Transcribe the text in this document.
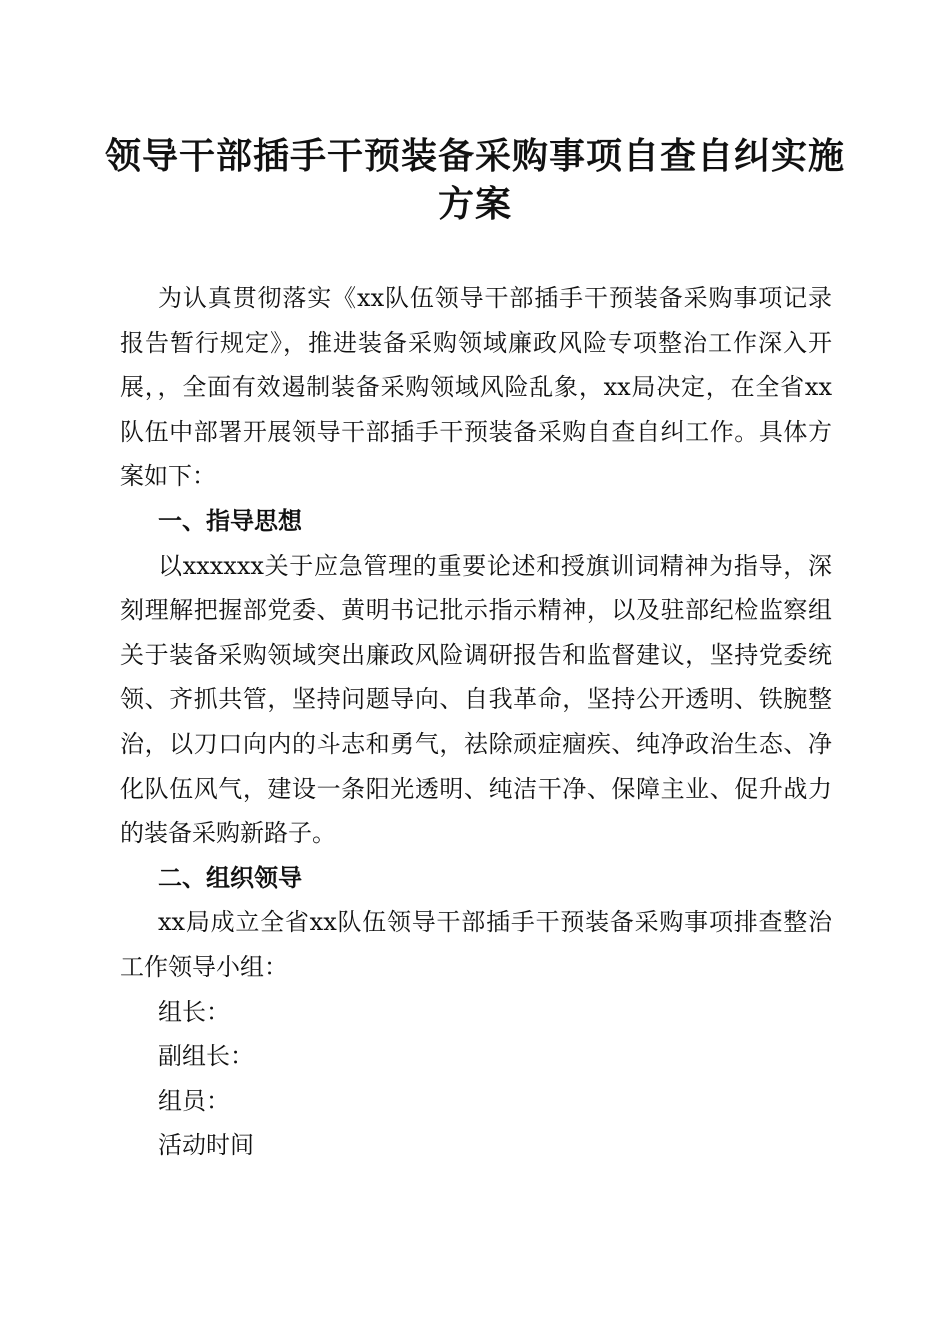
领导干部插手干预装备采购事项自查自纠实施
方案

为认真贯彻落实《xx队伍领导干部插手干预装备采购事项记录报告暂行规定》，推进装备采购领域廉政风险专项整治工作深入开展，，全面有效遏制装备采购领域风险乱象，xx局决定，在全省xx队伍中部署开展领导干部插手干预装备采购自查自纠工作。具体方案如下：

一、指导思想

以xxxxxx关于应急管理的重要论述和授旗训词精神为指导，深刻理解把握部党委、黄明书记批示指示精神，以及驻部纪检监察组关于装备采购领域突出廉政风险调研报告和监督建议，坚持党委统领、齐抓共管，坚持问题导向、自我革命，坚持公开透明、铁腕整治，以刀口向内的斗志和勇气，祛除顽症痼疾、纯净政治生态、净化队伍风气，建设一条阳光透明、纯洁干净、保障主业、促升战力的装备采购新路子。

二、组织领导

xx局成立全省xx队伍领导干部插手干预装备采购事项排查整治工作领导小组：

组长：

副组长：

组员：

活动时间
